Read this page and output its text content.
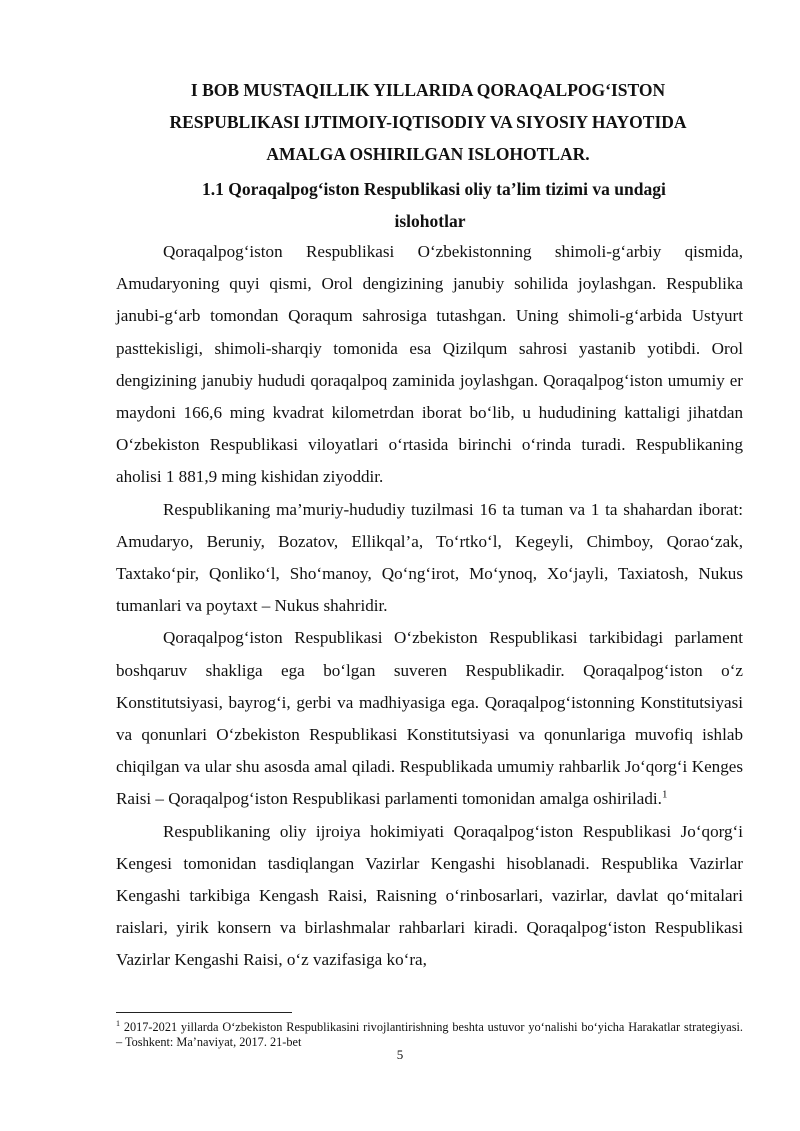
I BOB MUSTAQILLIK YILLARIDA QORAQALPOG‘ISTON
RESPUBLIKASI IJTIMOIY-IQTISODIY VA SIYOSIY HAYOTIDA
AMALGA OSHIRILGAN ISLOHOTLAR.
1.1 Qoraqalpog‘iston Respublikasi oliy ta’lim tizimi va undagi
islohotlar

Qoraqalpog‘iston Respublikasi O‘zbekistonning shimoli-g‘arbiy qismida, Amudaryoning quyi qismi, Orol dengizining janubiy sohilida joylashgan. Respublika janubi-g‘arb tomondan Qoraqum sahrosiga tutashgan. Uning shimoli-g‘arbida Ustyurt pasttekisligi, shimoli-sharqiy tomonida esa Qizilqum sahrosi yastanib yotibdi. Orol dengizining janubiy hududi qoraqalpoq zaminida joylashgan. Qoraqalpog‘iston umumiy er maydoni 166,6 ming kvadrat kilometrdan iborat bo‘lib, u hududining kattaligi jihatdan O‘zbekiston Respublikasi viloyatlari o‘rtasida birinchi o‘rinda turadi. Respublikaning aholisi 1 881,9 ming kishidan ziyoddir.

Respublikaning ma’muriy-hududiy tuzilmasi 16 ta tuman va 1 ta shahardan iborat: Amudaryo, Beruniy, Bozatov, Ellikqal’a, To‘rtko‘l, Kegeyli, Chimboy, Qorao‘zak, Taxtako‘pir, Qonliko‘l, Sho‘manoy, Qo‘ng‘irot, Mo‘ynoq, Xo‘jayli, Taxiatosh, Nukus tumanlari va poytaxt – Nukus shahridir.

Qoraqalpog‘iston Respublikasi O‘zbekiston Respublikasi tarkibidagi parlament boshqaruv shakliga ega bo‘lgan suveren Respublikadir. Qoraqalpog‘iston o‘z Konstitutsiyasi, bayrog‘i, gerbi va madhiyasiga ega. Qoraqalpog‘istonning Konstitutsiyasi va qonunlari O‘zbekiston Respublikasi Konstitutsiyasi va qonunlariga muvofiq ishlab chiqilgan va ular shu asosda amal qiladi. Respublikada umumiy rahbarlik Jo‘qorg‘i Kenges Raisi – Qoraqalpog‘iston Respublikasi parlamenti tomonidan amalga oshiriladi.$^1$

Respublikaning oliy ijroiya hokimiyati Qoraqalpog‘iston Respublikasi Jo‘qorg‘i Kengesi tomonidan tasdiqlangan Vazirlar Kengashi hisoblanadi. Respublika Vazirlar Kengashi tarkibiga Kengash Raisi, Raisning o‘rinbosarlari, vazirlar, davlat qo‘mitalari raislari, yirik konsern va birlashmalar rahbarlari kiradi. Qoraqalpog‘iston Respublikasi Vazirlar Kengashi Raisi, o‘z vazifasiga ko‘ra,

$^1$ 2017-2021 yillarda O‘zbekiston Respublikasini rivojlantirishning beshta ustuvor yo‘nalishi bo‘yicha Harakatlar strategiyasi. – Toshkent: Ma’naviyat, 2017. 21-bet

5
